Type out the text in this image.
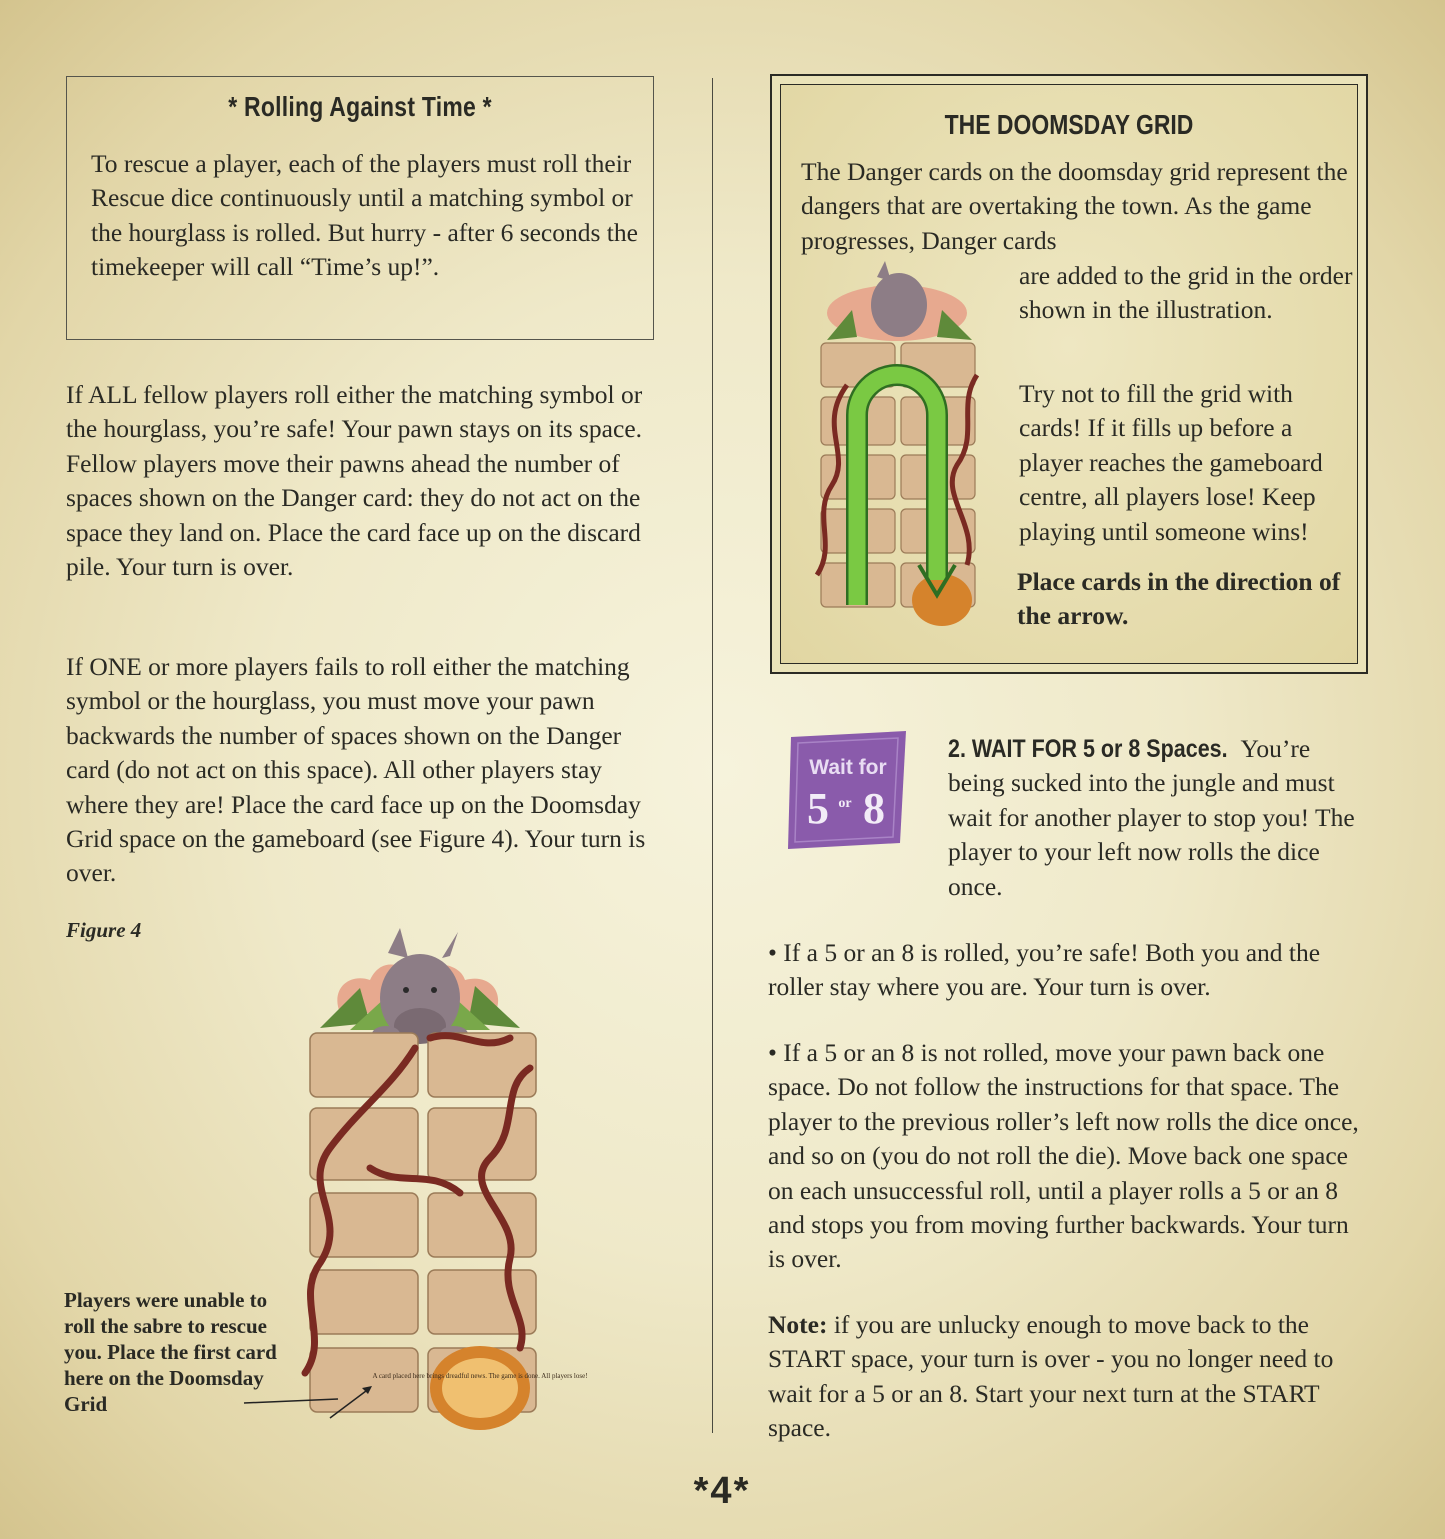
* Rolling Against Time *

To rescue a player, each of the players must roll their Rescue dice continuously until a matching symbol or the hourglass is rolled. But hurry - after 6 seconds the timekeeper will call “Time’s up!”.

If ALL fellow players roll either the matching symbol or the hourglass, you’re safe! Your pawn stays on its space. Fellow players move their pawns ahead the number of spaces shown on the Danger card: they do not act on the space they land on. Place the card face up on the discard pile. Your turn is over.

If ONE or more players fails to roll either the matching symbol or the hourglass, you must move your pawn backwards the number of spaces shown on the Danger card (do not act on this space). All other players stay where they are! Place the card face up on the Doomsday Grid space on the gameboard (see Figure 4). Your turn is over.

Figure 4
A card placed here brings dreadful news. The game is done. All players lose!

Players were unable to roll the sabre to rescue you. Place the first card here on the Doomsday Grid

THE DOOMSDAY GRID

The Danger cards on the doomsday grid represent the dangers that are overtaking the town. As the game progresses, Danger cards

are added to the grid in the order shown in the illustration.

Try not to fill the grid with cards! If it fills up before a player reaches the gameboard centre, all players lose! Keep playing until someone wins!

Place cards in the direction of the arrow.

Wait for
5 or 8

2. WAIT FOR 5 or 8 Spaces. You’re being sucked into the jungle and must wait for another player to stop you! The player to your left now rolls the dice once.

• If a 5 or an 8 is rolled, you’re safe! Both you and the roller stay where you are. Your turn is over.

• If a 5 or an 8 is not rolled, move your pawn back one space. Do not follow the instructions for that space. The player to the previous roller’s left now rolls the dice once, and so on (you do not roll the die). Move back one space on each unsuccessful roll, until a player rolls a 5 or an 8 and stops you from moving further backwards. Your turn is over.

Note: if you are unlucky enough to move back to the START space, your turn is over - you no longer need to wait for a 5 or an 8. Start your next turn at the START space.

*4*
